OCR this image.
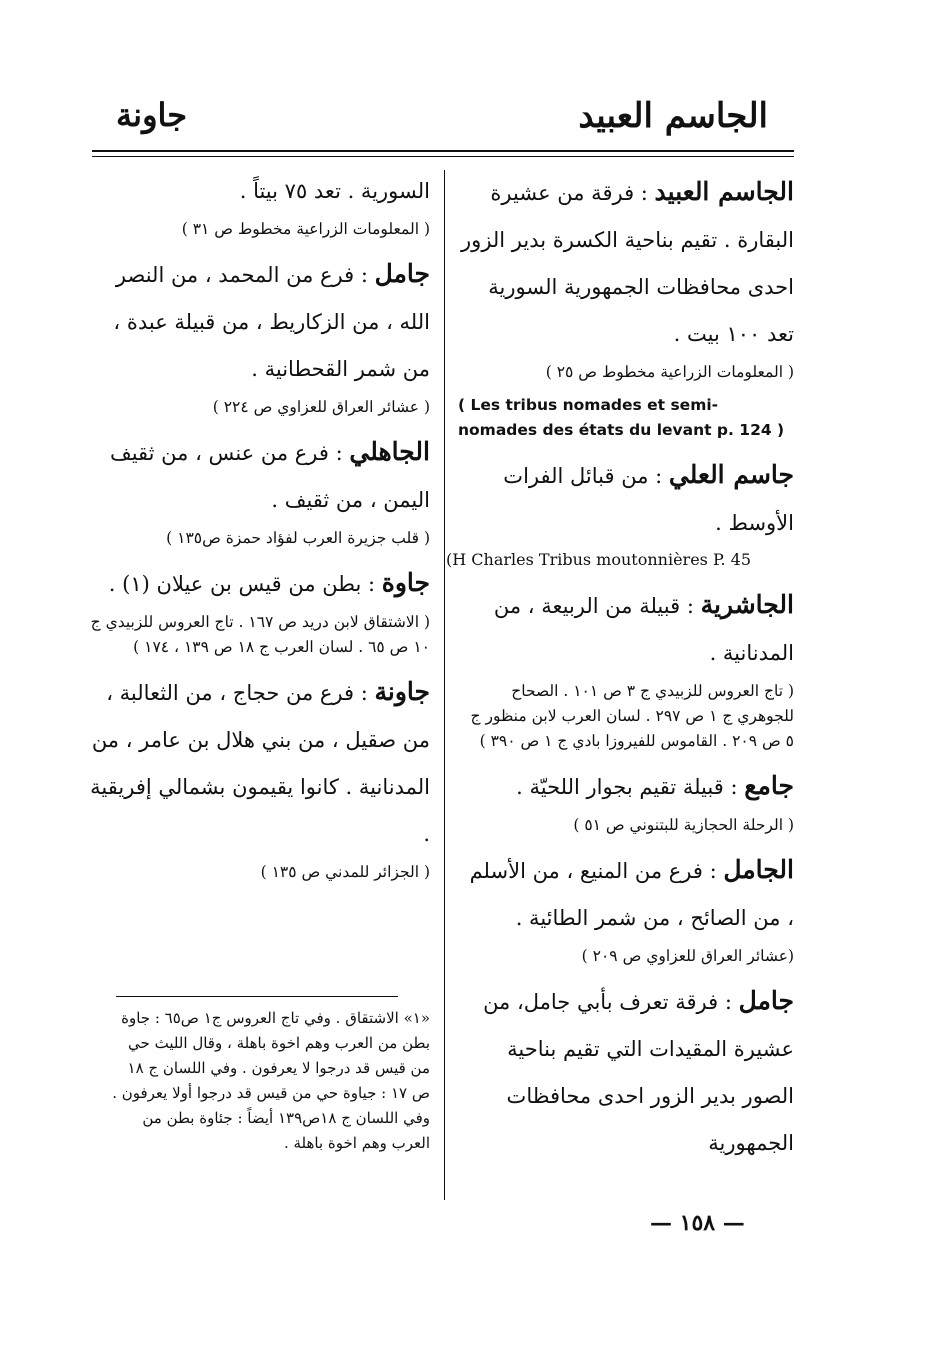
الجاسم العبيد
جاونة

الجاسم العبيد : فرقة من عشيرة البقارة . تقيم بناحية الكسرة بدير الزور احدى محافظات الجمهورية السورية تعد ١٠٠ بيت .

( المعلومات الزراعية مخطوط ص ٢٥ )

( Les tribus nomades et semi-

nomades des états du levant p. 124 )

جاسم العلي : من قبائل الفرات الأوسط .

(H Charles Tribus moutonnières P. 45

الجاشرية : قبيلة من الربيعة ، من المدنانية .

( تاج العروس للزبيدي ج ٣ ص ١٠١ . الصحاح للجوهري ج ١ ص ٢٩٧ . لسان العرب لابن منظور ج ٥ ص ٢٠٩ . القاموس للفيروزا بادي ج ١ ص ٣٩٠ )

جامع : قبيلة تقيم بجوار اللحيّة .

( الرحلة الحجازية للبتنوني ص ٥١ )

الجامل : فرع من المنيع ، من الأسلم ، من الصائح ، من شمر الطائية .

(عشائر العراق للعزاوي ص ٢٠٩ )

جامل : فرقة تعرف بأبي جامل، من عشيرة المقيدات التي تقيم بناحية الصور بدير الزور احدى محافظات الجمهورية

السورية . تعد ٧٥ بيتاً .

( المعلومات الزراعية مخطوط ص ٣١ )

جامل : فرع من المحمد ، من النصر الله ، من الزكاريط ، من قبيلة عبدة ، من شمر القحطانية .

( عشائر العراق للعزاوي ص ٢٢٤ )

الجاهلي : فرع من عنس ، من ثقيف اليمن ، من ثقيف .

( قلب جزيرة العرب لفؤاد حمزة ص١٣٥ )

جاوة : بطن من قيس بن عيلان (١) .

( الاشتقاق لابن دريد ص ١٦٧ . تاج العروس للزبيدي ج ١٠ ص ٦٥ . لسان العرب ج ١٨ ص ١٣٩ ، ١٧٤ )

جاونة : فرع من حجاج ، من الثعالبة ، من صقيل ، من بني هلال بن عامر ، من المدنانية . كانوا يقيمون بشمالي إفريقية .

( الجزائر للمدني ص ١٣٥ )

«١» الاشتقاق . وفي تاج العروس ج١ ص٦٥ : جاوة بطن من العرب وهم اخوة باهلة ، وقال الليث حي من قيس قد درجوا لا يعرفون . وفي اللسان ج ١٨ ص ١٧ : جياوة حي من قيس قد درجوا أولا يعرفون . وفي اللسان ج ١٨ص١٣٩ أيضاً : جئاوة بطن من العرب وهم اخوة باهلة .

— ١٥٨ —
